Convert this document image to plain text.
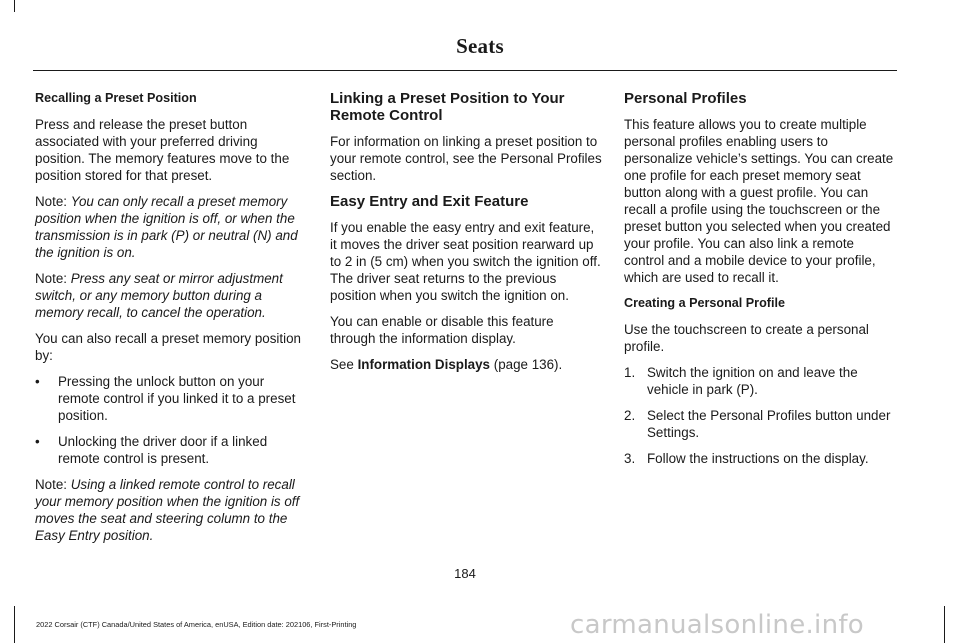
Seats

Recalling a Preset Position

Press and release the preset button associated with your preferred driving position. The memory features move to the position stored for that preset.

Note: You can only recall a preset memory position when the ignition is off, or when the transmission is in park (P) or neutral (N) and the ignition is on.

Note: Press any seat or mirror adjustment switch, or any memory button during a memory recall, to cancel the operation.

You can also recall a preset memory position by:

• Pressing the unlock button on your remote control if you linked it to a preset position.
• Unlocking the driver door if a linked remote control is present.

Note: Using a linked remote control to recall your memory position when the ignition is off moves the seat and steering column to the Easy Entry position.

Linking a Preset Position to Your Remote Control

For information on linking a preset position to your remote control, see the Personal Profiles section.

Easy Entry and Exit Feature

If you enable the easy entry and exit feature, it moves the driver seat position rearward up to 2 in (5 cm) when you switch the ignition off. The driver seat returns to the previous position when you switch the ignition on.

You can enable or disable this feature through the information display.

See Information Displays (page 136).

Personal Profiles

This feature allows you to create multiple personal profiles enabling users to personalize vehicle’s settings. You can create one profile for each preset memory seat button along with a guest profile. You can recall a profile using the touchscreen or the preset button you selected when you created your profile. You can also link a remote control and a mobile device to your profile, which are used to recall it.

Creating a Personal Profile

Use the touchscreen to create a personal profile.

1. Switch the ignition on and leave the vehicle in park (P).
2. Select the Personal Profiles button under Settings.
3. Follow the instructions on the display.
184
2022 Corsair (CTF) Canada/United States of America, enUSA, Edition date: 202106, First-Printing	carmanualsonline.info
